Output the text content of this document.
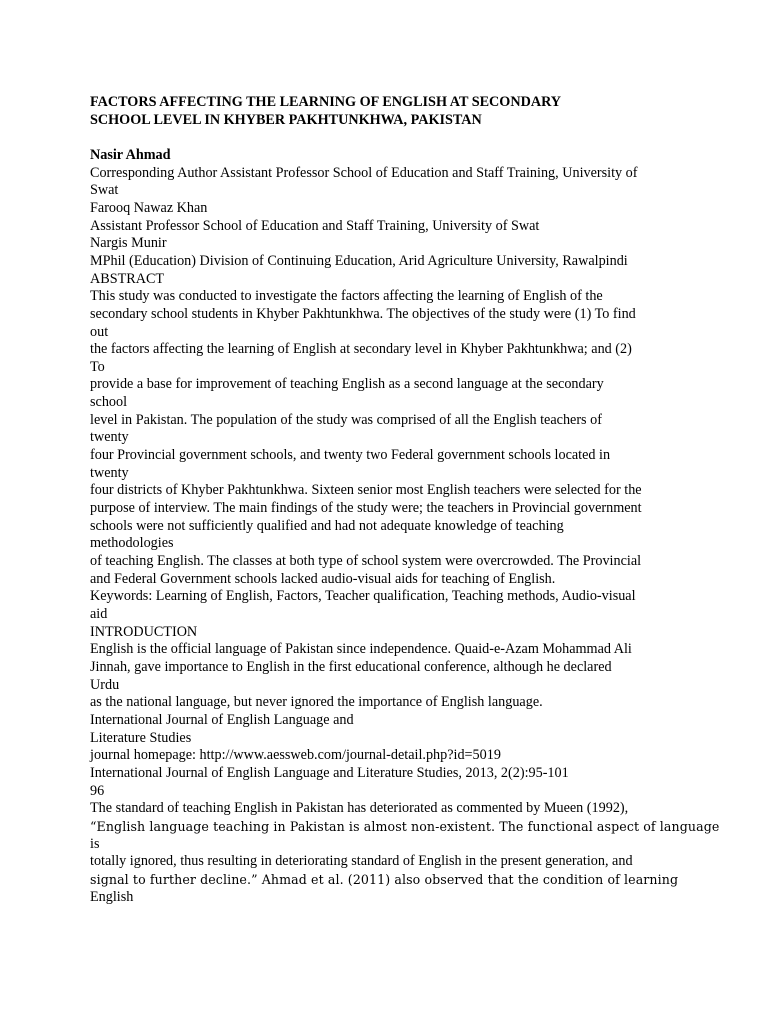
FACTORS AFFECTING THE LEARNING OF ENGLISH AT SECONDARY
SCHOOL LEVEL IN KHYBER PAKHTUNKHWA, PAKISTAN
Nasir Ahmad
Corresponding Author Assistant Professor School of Education and Staff Training, University of
Swat
Farooq Nawaz Khan
Assistant Professor School of Education and Staff Training, University of Swat
Nargis Munir
MPhil (Education) Division of Continuing Education, Arid Agriculture University, Rawalpindi
ABSTRACT
This study was conducted to investigate the factors affecting the learning of English of the
secondary school students in Khyber Pakhtunkhwa. The objectives of the study were (1) To find
out
the factors affecting the learning of English at secondary level in Khyber Pakhtunkhwa; and (2)
To
provide a base for improvement of teaching English as a second language at the secondary
school
level in Pakistan. The population of the study was comprised of all the English teachers of
twenty
four Provincial government schools, and twenty two Federal government schools located in
twenty
four districts of Khyber Pakhtunkhwa. Sixteen senior most English teachers were selected for the
purpose of interview. The main findings of the study were; the teachers in Provincial government
schools were not sufficiently qualified and had not adequate knowledge of teaching
methodologies
of teaching English. The classes at both type of school system were overcrowded. The Provincial
and Federal Government schools lacked audio-visual aids for teaching of English.
Keywords: Learning of English, Factors, Teacher qualification, Teaching methods, Audio-visual
aid
INTRODUCTION
English is the official language of Pakistan since independence. Quaid-e-Azam Mohammad Ali
Jinnah, gave importance to English in the first educational conference, although he declared
Urdu
as the national language, but never ignored the importance of English language.
International Journal of English Language and
Literature Studies
journal homepage: http://www.aessweb.com/journal-detail.php?id=5019
International Journal of English Language and Literature Studies, 2013, 2(2):95-101
96
The standard of teaching English in Pakistan has deteriorated as commented by Mueen (1992),
“English language teaching in Pakistan is almost non-existent. The functional aspect of language
is
totally ignored, thus resulting in deteriorating standard of English in the present generation, and
signal to further decline.” Ahmad et al. (2011) also observed that the condition of learning
English
